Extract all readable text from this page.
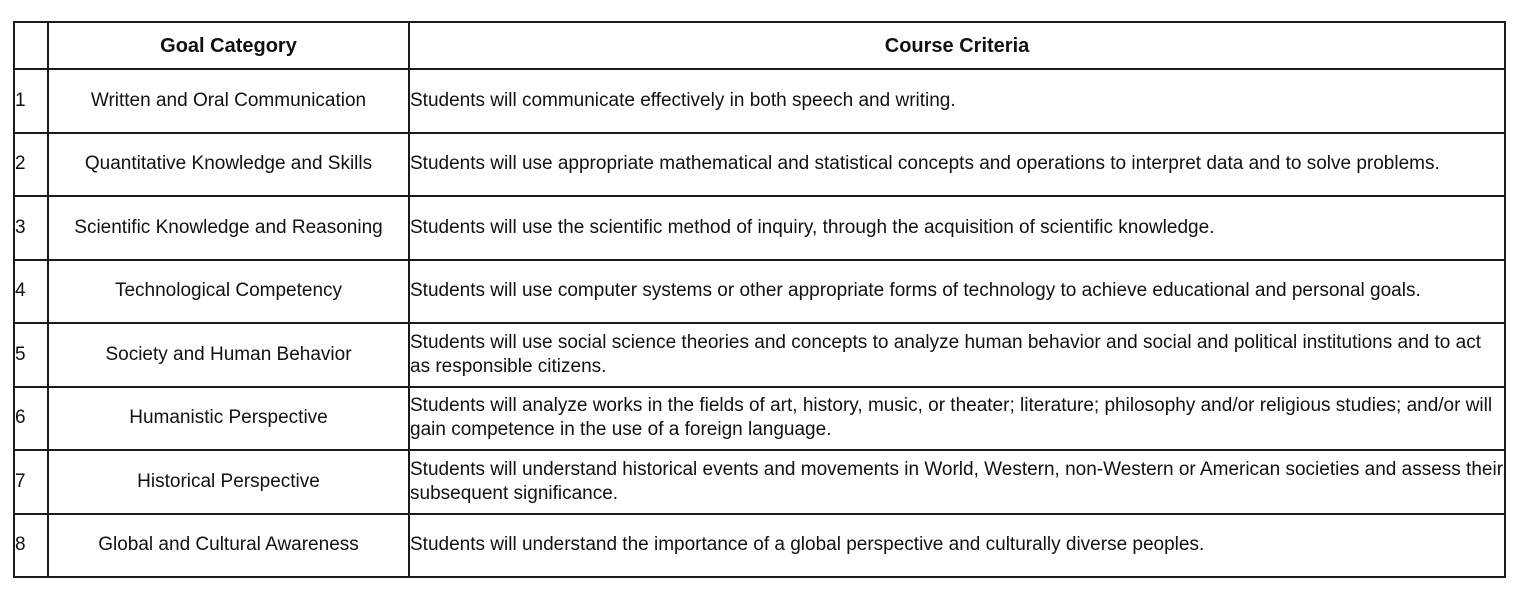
	Goal Category	Course Criteria
1	Written and Oral Communication	Students will communicate effectively in both speech and writing.
2	Quantitative Knowledge and Skills	Students will use appropriate mathematical and statistical concepts and operations to interpret data and to solve problems.
3	Scientific Knowledge and Reasoning	Students will use the scientific method of inquiry, through the acquisition of scientific knowledge.
4	Technological Competency	Students will use computer systems or other appropriate forms of technology to achieve educational and personal goals.
5	Society and Human Behavior	Students will use social science theories and concepts to analyze human behavior and social and political institutions and to act as responsible citizens.
6	Humanistic Perspective	Students will analyze works in the fields of art, history, music, or theater; literature; philosophy and/or religious studies; and/or will gain competence in the use of a foreign language.
7	Historical Perspective	Students will understand historical events and movements in World, Western, non-Western or American societies and assess their subsequent significance.
8	Global and Cultural Awareness	Students will understand the importance of a global perspective and culturally diverse peoples.
